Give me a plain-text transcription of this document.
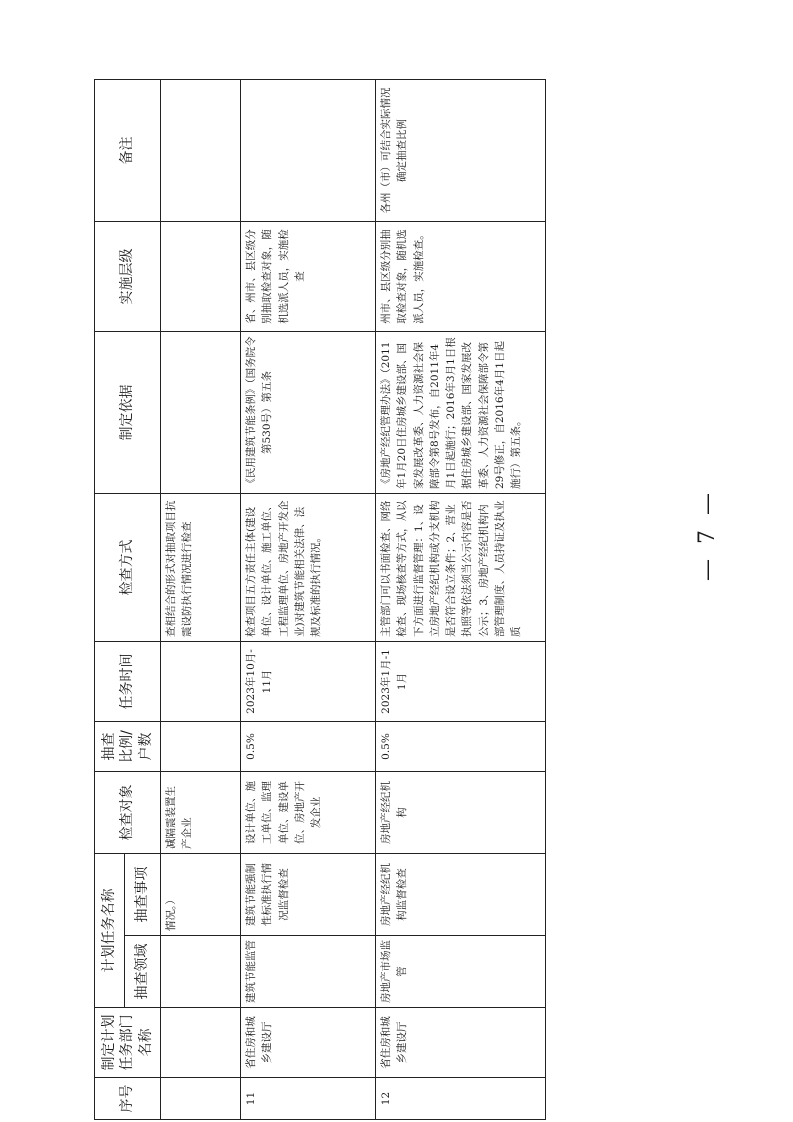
序号	制定计划任务部门名称	计划任务名称		检查对象	抽查比例/户数	任务时间	检查方式	制定依据	实施层级	备注
		抽查领域	抽查事项							
			情况。）	减隔震装置生产企业			查相结合的形式对抽取项目抗震设防执行情况进行检查			
11	省住房和城乡建设厅	建筑节能监管	建筑节能强制性标准执行情况监督检查	设计单位、施工单位、监理单位、建设单位、房地产开发企业	0.5%	2023年10月-11月	检查项目五方责任主体(建设单位、设计单位、施工单位、工程监理单位、房地产开发企业)对建筑节能相关法律、法规及标准的执行情况。	《民用建筑节能条例》（国务院令第530号）第五条	省、州市、县区级分别抽取检查对象，随机选派人员，实施检查	
12	省住房和城乡建设厅	房地产市场监管	房地产经纪机构监督检查	房地产经纪机构	0.5%	2023年1月-11月	主管部门可以书面检查、网络检查、现场核查等方式，从以下方面进行监督管理：1、设立房地产经纪机构或分支机构是否符合设立条件；2、营业执照等依法须当公示内容是否公示；3、房地产经纪机构内部管理制度、人员持证及执业质	《房地产经纪管理办法》（2011年1月20日住房城乡建设部、国家发展改革委、人力资源社会保障部令第8号发布，自2011年4月1日起施行；2016年3月1日根据住房城乡建设部、国家发展改革委、人力资源社会保障部令第29号修正，自2016年4月1日起施行）第五条。	州市、县区级分别抽取检查对象，随机选派人员，实施检查。	各州（市）可结合实际情况确定抽查比例
— 7 —
